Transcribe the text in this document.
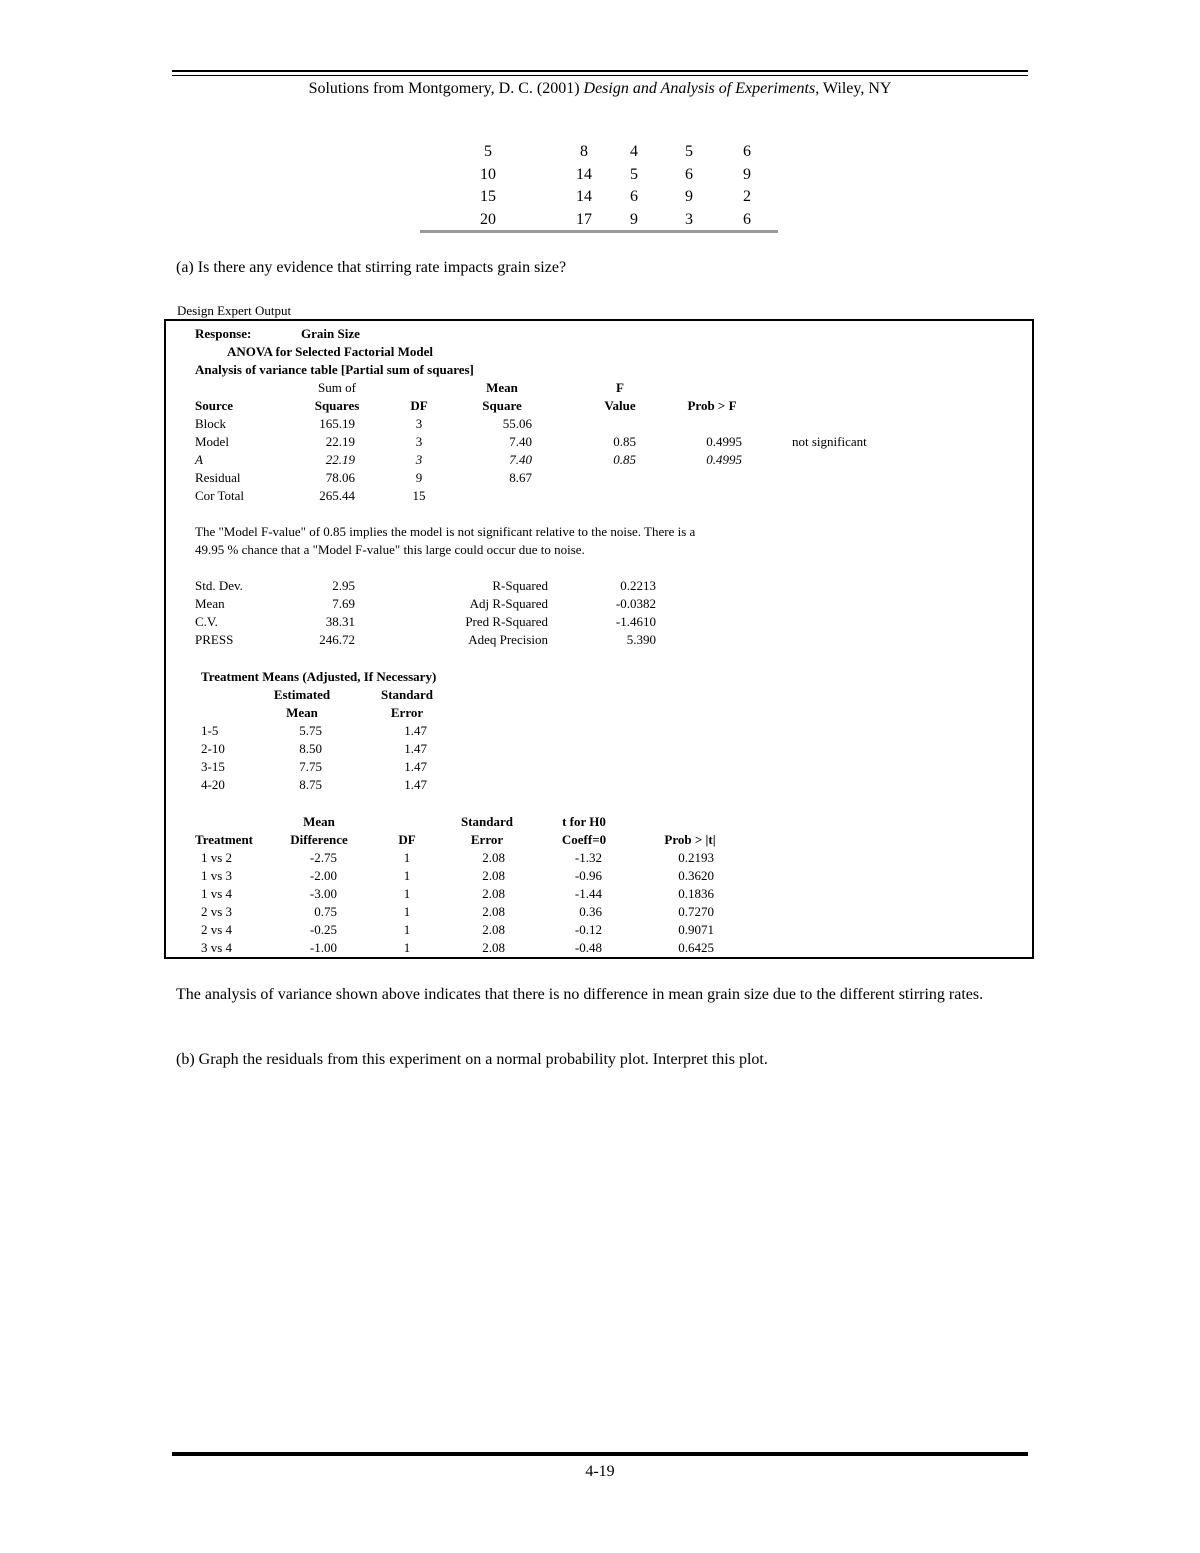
Solutions from Montgomery, D. C. (2001) Design and Analysis of Experiments, Wiley, NY
5	8	4	5	6
10	14	5	6	9
15	14	6	9	2
20	17	9	3	6
(a) Is there any evidence that stirring rate impacts grain size?
Design Expert Output
Response:	Grain Size
ANOVA for Selected Factorial Model
Analysis of variance table [Partial sum of squares]
Sum of	Mean	F
Source	Squares	DF	Square	Value	Prob > F
Block	165.19	3	55.06
Model	22.19	3	7.40	0.85	0.4995	not significant
A	22.19	3	7.40	0.85	0.4995
Residual	78.06	9	8.67
Cor Total	265.44	15
The "Model F-value" of 0.85 implies the model is not significant relative to the noise. There is a
49.95 % chance that a "Model F-value" this large could occur due to noise.
Std. Dev.	2.95	R-Squared	0.2213
Mean	7.69	Adj R-Squared	-0.0382
C.V.	38.31	Pred R-Squared	-1.4610
PRESS	246.72	Adeq Precision	5.390
Treatment Means (Adjusted, If Necessary)
Estimated	Standard
Mean	Error
1-5	5.75	1.47
2-10	8.50	1.47
3-15	7.75	1.47
4-20	8.75	1.47
Mean	Standard	t for H0
Treatment	Difference	DF	Error	Coeff=0	Prob > |t|
1 vs 2	-2.75	1	2.08	-1.32	0.2193
1 vs 3	-2.00	1	2.08	-0.96	0.3620
1 vs 4	-3.00	1	2.08	-1.44	0.1836
2 vs 3	0.75	1	2.08	0.36	0.7270
2 vs 4	-0.25	1	2.08	-0.12	0.9071
3 vs 4	-1.00	1	2.08	-0.48	0.6425
The analysis of variance shown above indicates that there is no difference in mean grain size due to the different stirring rates.
(b) Graph the residuals from this experiment on a normal probability plot. Interpret this plot.
4-19
